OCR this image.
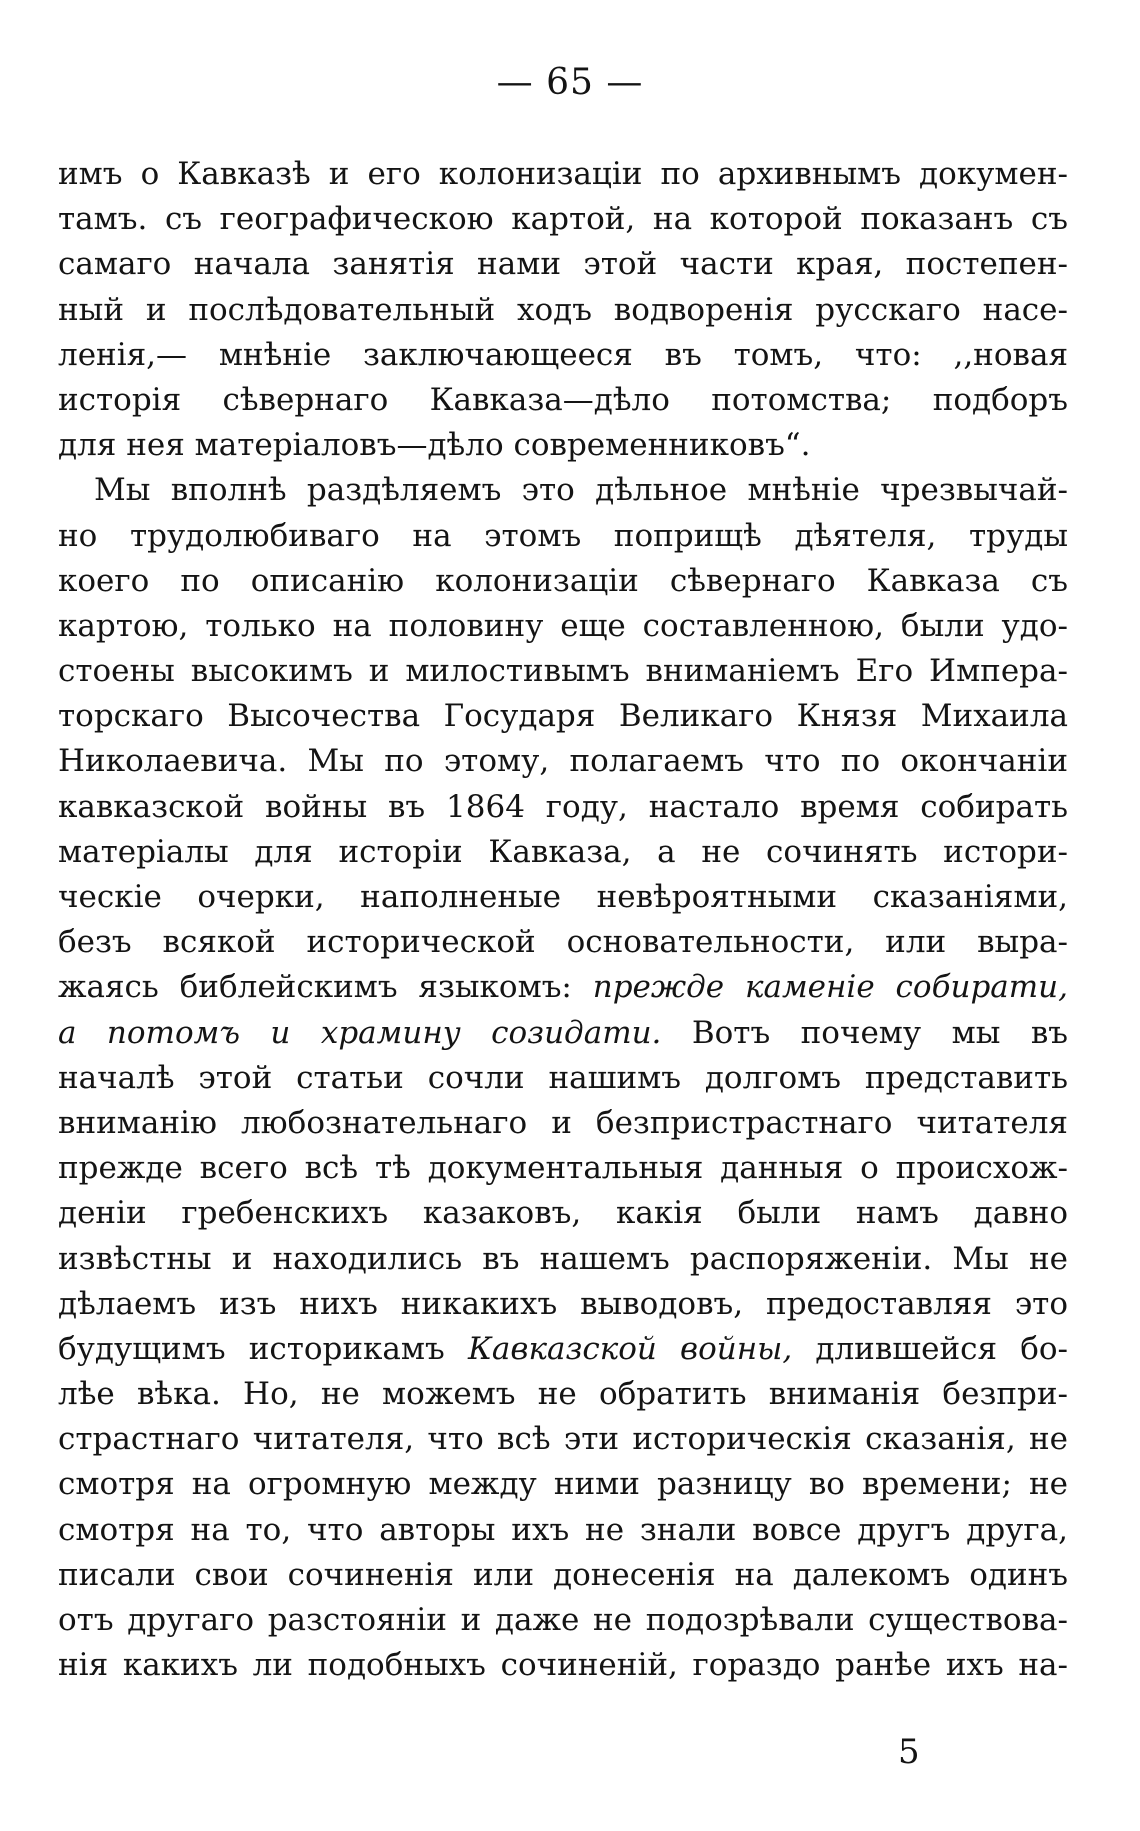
— 65 —
имъ о Кавказѣ и его колонизаціи по архивнымъ докумен-
тамъ. съ географическою картой, на которой показанъ съ
самаго начала занятія нами этой части края, постепен-
ный и послѣдовательный ходъ водворенія русскаго насе-
ленія,— мнѣніе заключающееся въ томъ, что: ,,новая
исторія сѣвернаго Кавказа—дѣло потомства; подборъ
для нея матеріаловъ—дѣло современниковъ“.
Мы вполнѣ раздѣляемъ это дѣльное мнѣніе чрезвычай-
но трудолюбиваго на этомъ поприщѣ дѣятеля, труды
коего по описанію колонизаціи сѣвернаго Кавказа съ
картою, только на половину еще составленною, были удо-
стоены высокимъ и милостивымъ вниманіемъ Его Импера-
торскаго Высочества Государя Великаго Князя Михаила
Николаевича. Мы по этому, полагаемъ что по окончаніи
кавказской войны въ 1864 году, настало время собирать
матеріалы для исторіи Кавказа, а не сочинять истори-
ческіе очерки, наполненые невѣроятными сказаніями,
безъ всякой исторической основательности, или выра-
жаясь библейскимъ языкомъ: прежде каменіе собирати,
а потомъ и храмину созидати. Вотъ почему мы въ
началѣ этой статьи сочли нашимъ долгомъ представить
вниманію любознательнаго и безпристрастнаго читателя
прежде всего всѣ тѣ документальныя данныя о происхож-
деніи гребенскихъ казаковъ, какія были намъ давно
извѣстны и находились въ нашемъ распоряженіи. Мы не
дѣлаемъ изъ нихъ никакихъ выводовъ, предоставляя это
будущимъ историкамъ Кавказской войны, длившейся бо-
лѣе вѣка. Но, не можемъ не обратить вниманія безпри-
страстнаго читателя, что всѣ эти историческія сказанія, не
смотря на огромную между ними разницу во времени; не
смотря на то, что авторы ихъ не знали вовсе другъ друга,
писали свои сочиненія или донесенія на далекомъ одинъ
отъ другаго разстояніи и даже не подозрѣвали существова-
нія какихъ ли подобныхъ сочиненій, гораздо ранѣе ихъ на-
5
